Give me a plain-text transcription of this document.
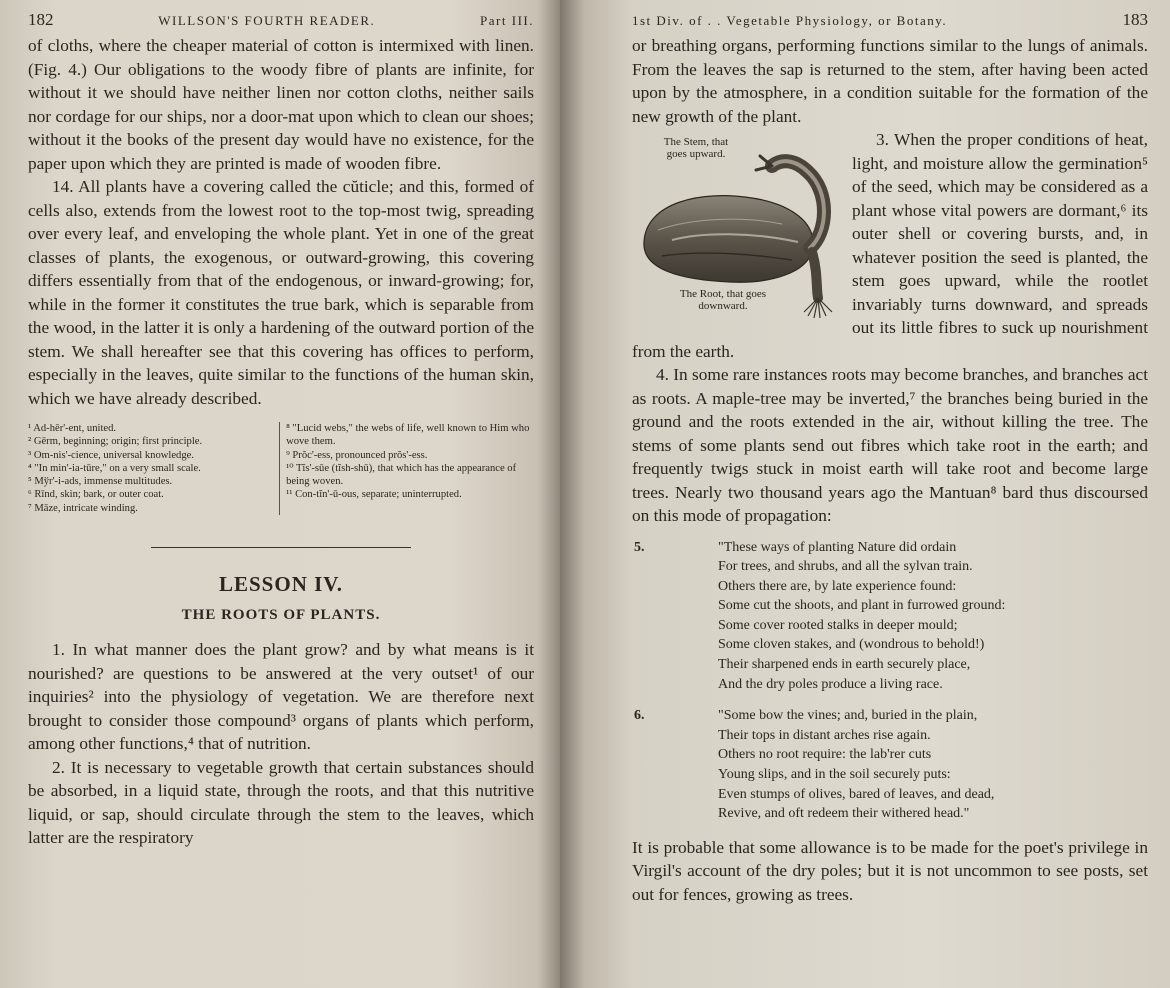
182	WILLSON'S FOURTH READER.	Part III.

of cloths, where the cheaper material of cotton is intermixed with linen. (Fig. 4.) Our obligations to the woody fibre of plants are infinite, for without it we should have neither linen nor cotton cloths, neither sails nor cordage for our ships, nor a door-mat upon which to clean our shoes; without it the books of the present day would have no existence, for the paper upon which they are printed is made of wooden fibre.

14. All plants have a covering called the cŭticle; and this, formed of cells also, extends from the lowest root to the top-most twig, spreading over every leaf, and enveloping the whole plant. Yet in one of the great classes of plants, the exogenous, or outward-growing, this covering differs essentially from that of the endogenous, or inward-growing; for, while in the former it constitutes the true bark, which is separable from the wood, in the latter it is only a hardening of the outward portion of the stem. We shall hereafter see that this covering has offices to perform, especially in the leaves, quite similar to the functions of the human skin, which we have already described.

¹ Ad-hēr'-ent, united.

² Gērm, beginning; origin; first principle.

³ Om-nis'-cience, universal knowledge.

⁴ "In min'-ia-tūre," on a very small scale.

⁵ Mўr'-i-ads, immense multitudes.

⁶ Rīnd, skin; bark, or outer coat.

⁷ Māze, intricate winding.

⁸ "Lucid webs," the webs of life, well known to Him who wove them.

⁹ Prŏc'-ess, pronounced prŏs'-ess.

¹⁰ Tĭs'-sūe (tĭsh-shū), that which has the appearance of being woven.

¹¹ Con-tĭn'-ū-ous, separate; uninterrupted.

LESSON IV.
THE ROOTS OF PLANTS.

1. In what manner does the plant grow? and by what means is it nourished? are questions to be answered at the very outset¹ of our inquiries² into the physiology of vegetation. We are therefore next brought to consider those compound³ organs of plants which perform, among other functions,⁴ that of nutrition.

2. It is necessary to vegetable growth that certain substances should be absorbed, in a liquid state, through the roots, and that this nutritive liquid, or sap, should circulate through the stem to the leaves, which latter are the respiratory

1st Div. of . . Vegetable Physiology, or Botany.	183

or breathing organs, performing functions similar to the lungs of animals. From the leaves the sap is returned to the stem, after having been acted upon by the atmosphere, in a condition suitable for the formation of the new growth of the plant.

The Stem, that goes upward.
The Root, that goes downward.

3. When the proper conditions of heat, light, and moisture allow the germination⁵ of the seed, which may be considered as a plant whose vital powers are dormant,⁶ its outer shell or covering bursts, and, in whatever position the seed is planted, the stem goes upward, while the rootlet invariably turns downward, and spreads out its little fibres to suck up nourishment from the earth.

4. In some rare instances roots may become branches, and branches act as roots. A maple-tree may be inverted,⁷ the branches being buried in the ground and the roots extended in the air, without killing the tree. The stems of some plants send out fibres which take root in the earth; and frequently twigs stuck in moist earth will take root and become large trees. Nearly two thousand years ago the Mantuan⁸ bard thus discoursed on this mode of propagation:

5.	"These ways of planting Nature did ordain

For trees, and shrubs, and all the sylvan train.

Others there are, by late experience found:

Some cut the shoots, and plant in furrowed ground:

Some cover rooted stalks in deeper mould;

Some cloven stakes, and (wondrous to behold!)

Their sharpened ends in earth securely place,

And the dry poles produce a living race.

6.	"Some bow the vines; and, buried in the plain,

Their tops in distant arches rise again.

Others no root require: the lab'rer cuts

Young slips, and in the soil securely puts:

Even stumps of olives, bared of leaves, and dead,

Revive, and oft redeem their withered head."

It is probable that some allowance is to be made for the poet's privilege in Virgil's account of the dry poles; but it is not uncommon to see posts, set out for fences, growing as trees.
